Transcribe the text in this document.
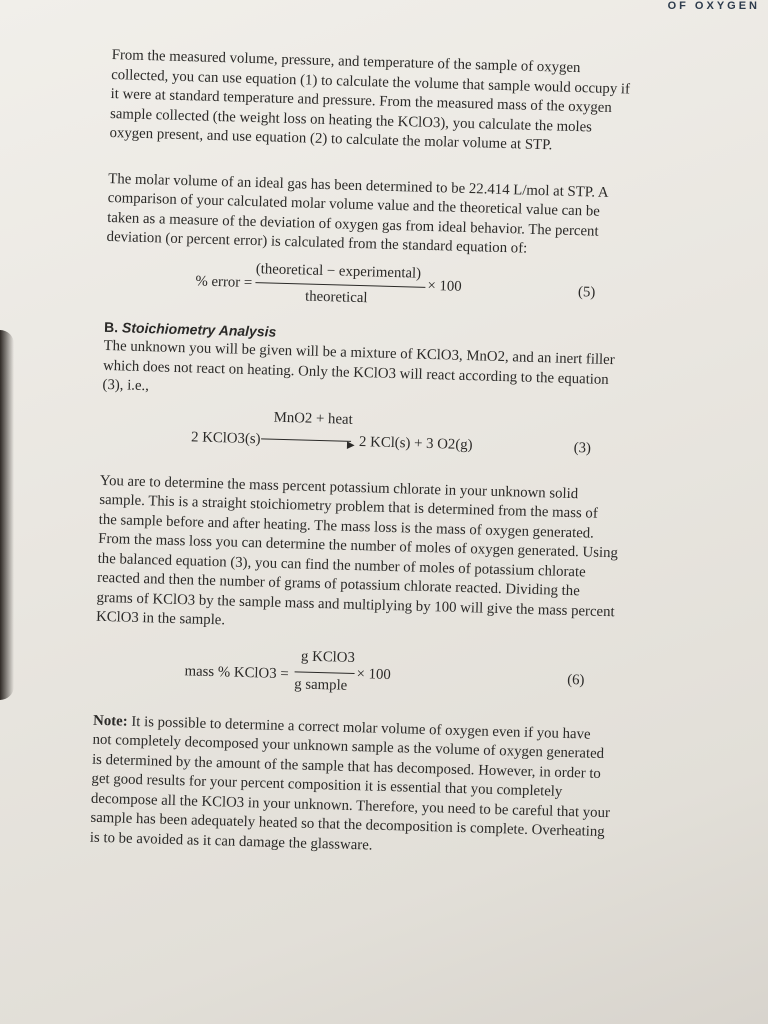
OF OXYGEN

From the measured volume, pressure, and temperature of the sample of oxygen collected, you can use equation (1) to calculate the volume that sample would occupy if it were at standard temperature and pressure. From the measured mass of the oxygen sample collected (the weight loss on heating the KClO3), you calculate the moles oxygen present, and use equation (2) to calculate the molar volume at STP.

The molar volume of an ideal gas has been determined to be 22.414 L/mol at STP. A comparison of your calculated molar volume value and the theoretical value can be taken as a measure of the deviation of oxygen gas from ideal behavior. The percent deviation (or percent error) is calculated from the standard equation of:

% error =
(theoretical − experimental)
theoretical
× 100	(5)
B. Stoichiometry Analysis

The unknown you will be given will be a mixture of KClO3, MnO2, and an inert filler which does not react on heating. Only the KClO3 will react according to the equation (3), i.e.,

2 KClO3(s)
MnO2 + heat
▶ 2 KCl(s) + 3 O2(g)	(3)

You are to determine the mass percent potassium chlorate in your unknown solid sample. This is a straight stoichiometry problem that is determined from the mass of the sample before and after heating. The mass loss is the mass of oxygen generated. From the mass loss you can determine the number of moles of oxygen generated. Using the balanced equation (3), you can find the number of moles of potassium chlorate reacted and then the number of grams of potassium chlorate reacted. Dividing the grams of KClO3 by the sample mass and multiplying by 100 will give the mass percent KClO3 in the sample.

mass % KClO3 =
g KClO3
g sample
× 100	(6)

Note: It is possible to determine a correct molar volume of oxygen even if you have not completely decomposed your unknown sample as the volume of oxygen generated is determined by the amount of the sample that has decomposed. However, in order to get good results for your percent composition it is essential that you completely decompose all the KClO3 in your unknown. Therefore, you need to be careful that your sample has been adequately heated so that the decomposition is complete. Overheating is to be avoided as it can damage the glassware.
